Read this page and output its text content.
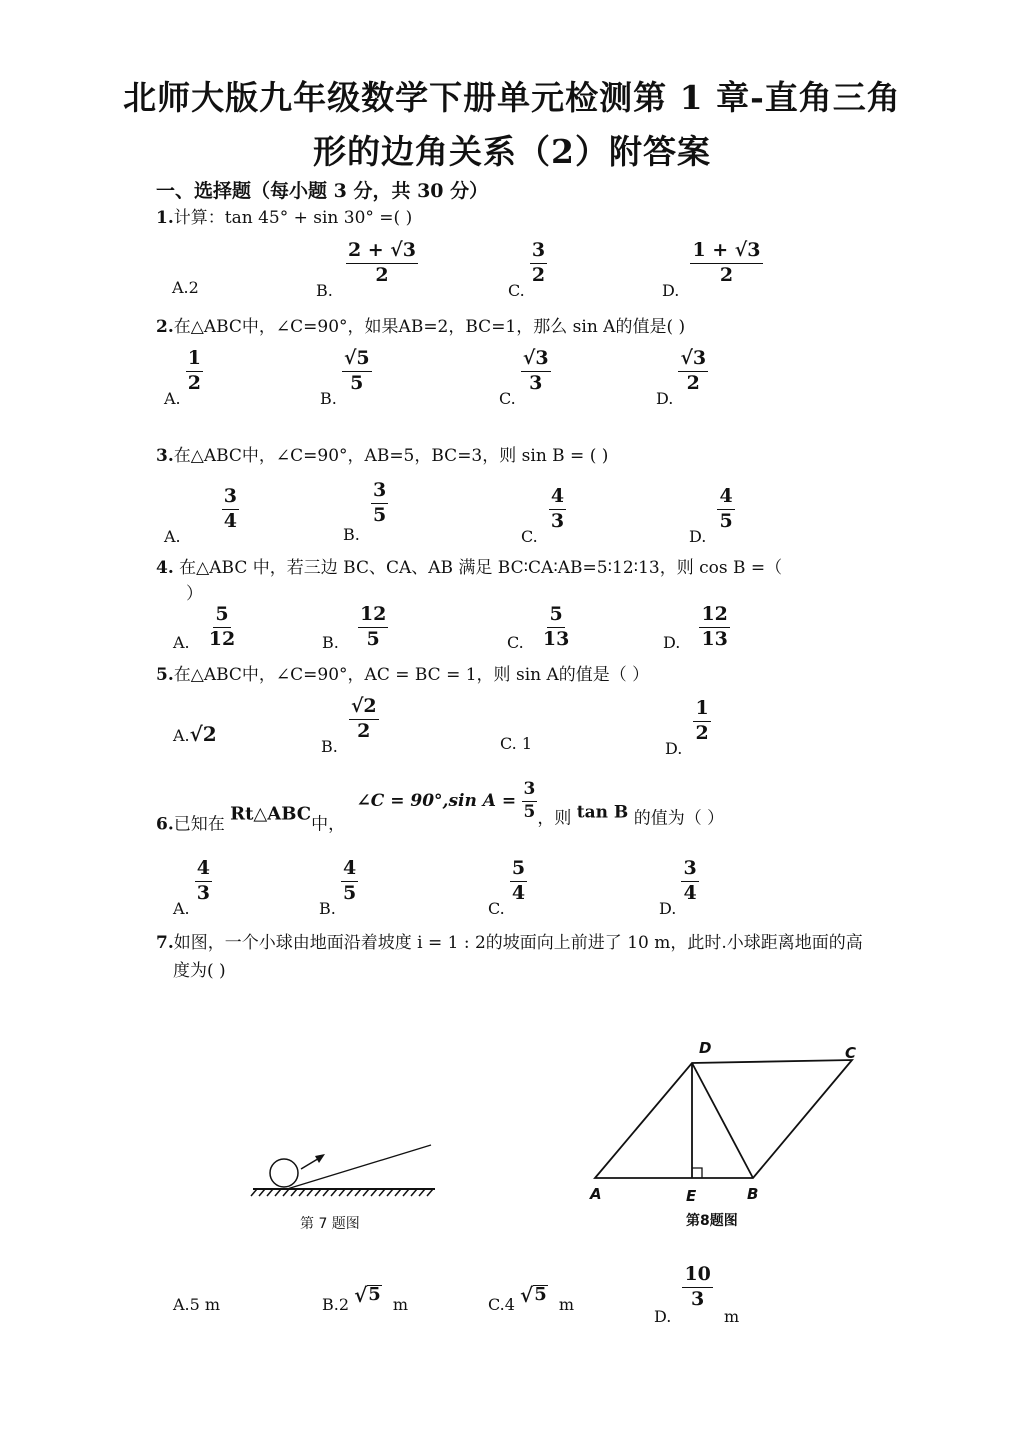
北师大版九年级数学下册单元检测第 1 章-直角三角
形的边角关系（2）附答案
一、选择题（每小题 3 分，共 30 分）
1.计算：tan 45° + sin 30° =( )
A.2	B.
$\frac{2 + √3}{2}$
C.
$\frac{3}{2}$
D.
$\frac{1 + √3}{2}$
2.在△ABC中，∠C=90°，如果AB=2，BC=1，那么 sin A的值是( )
A.
$\frac{1}{2}$
B.
$\frac{√5}{5}$
C.
$\frac{√3}{3}$
D.
$\frac{√3}{2}$
3.在△ABC中，∠C=90°，AB=5，BC=3，则 sin B = ( )
A.
$\frac{3}{4}$
B.
$\frac{3}{5}$
C.
$\frac{4}{3}$
D.
$\frac{4}{5}$
4. 在△ABC 中，若三边 BC、CA、AB 满足 BC∶CA∶AB=5∶12∶13，则 cos B =（
）
A. $\frac{5}{12}$	B. $\frac{12}{5}$	C. $\frac{5}{13}$	D. $\frac{12}{13}$
5.在△ABC中，∠C=90°，AC = BC = 1，则 sin A的值是（ ）
A.√2
B.
$\frac{√2}{2}$
C. 1	D.
$\frac{1}{2}$
6.已知在 Rt△ABC中， ∠C = 90°,sin $A = \frac{3}{5}$ ，则 tan B 的值为（ ）
A.
$\frac{4}{3}$
B.
$\frac{4}{5}$
C.
$\frac{5}{4}$
D.
$\frac{3}{4}$
7.如图，一个小球由地面沿着坡度 i = 1 : 2的坡面向上前进了 10 m，此时.小球距离地面的高
度为( )
第 7 题图
D	C
A	E	B
第8题图
A.5 m	B.2 √ 5 m	C.4 √ 5 m
D.
$\frac{10}{3}$
m
